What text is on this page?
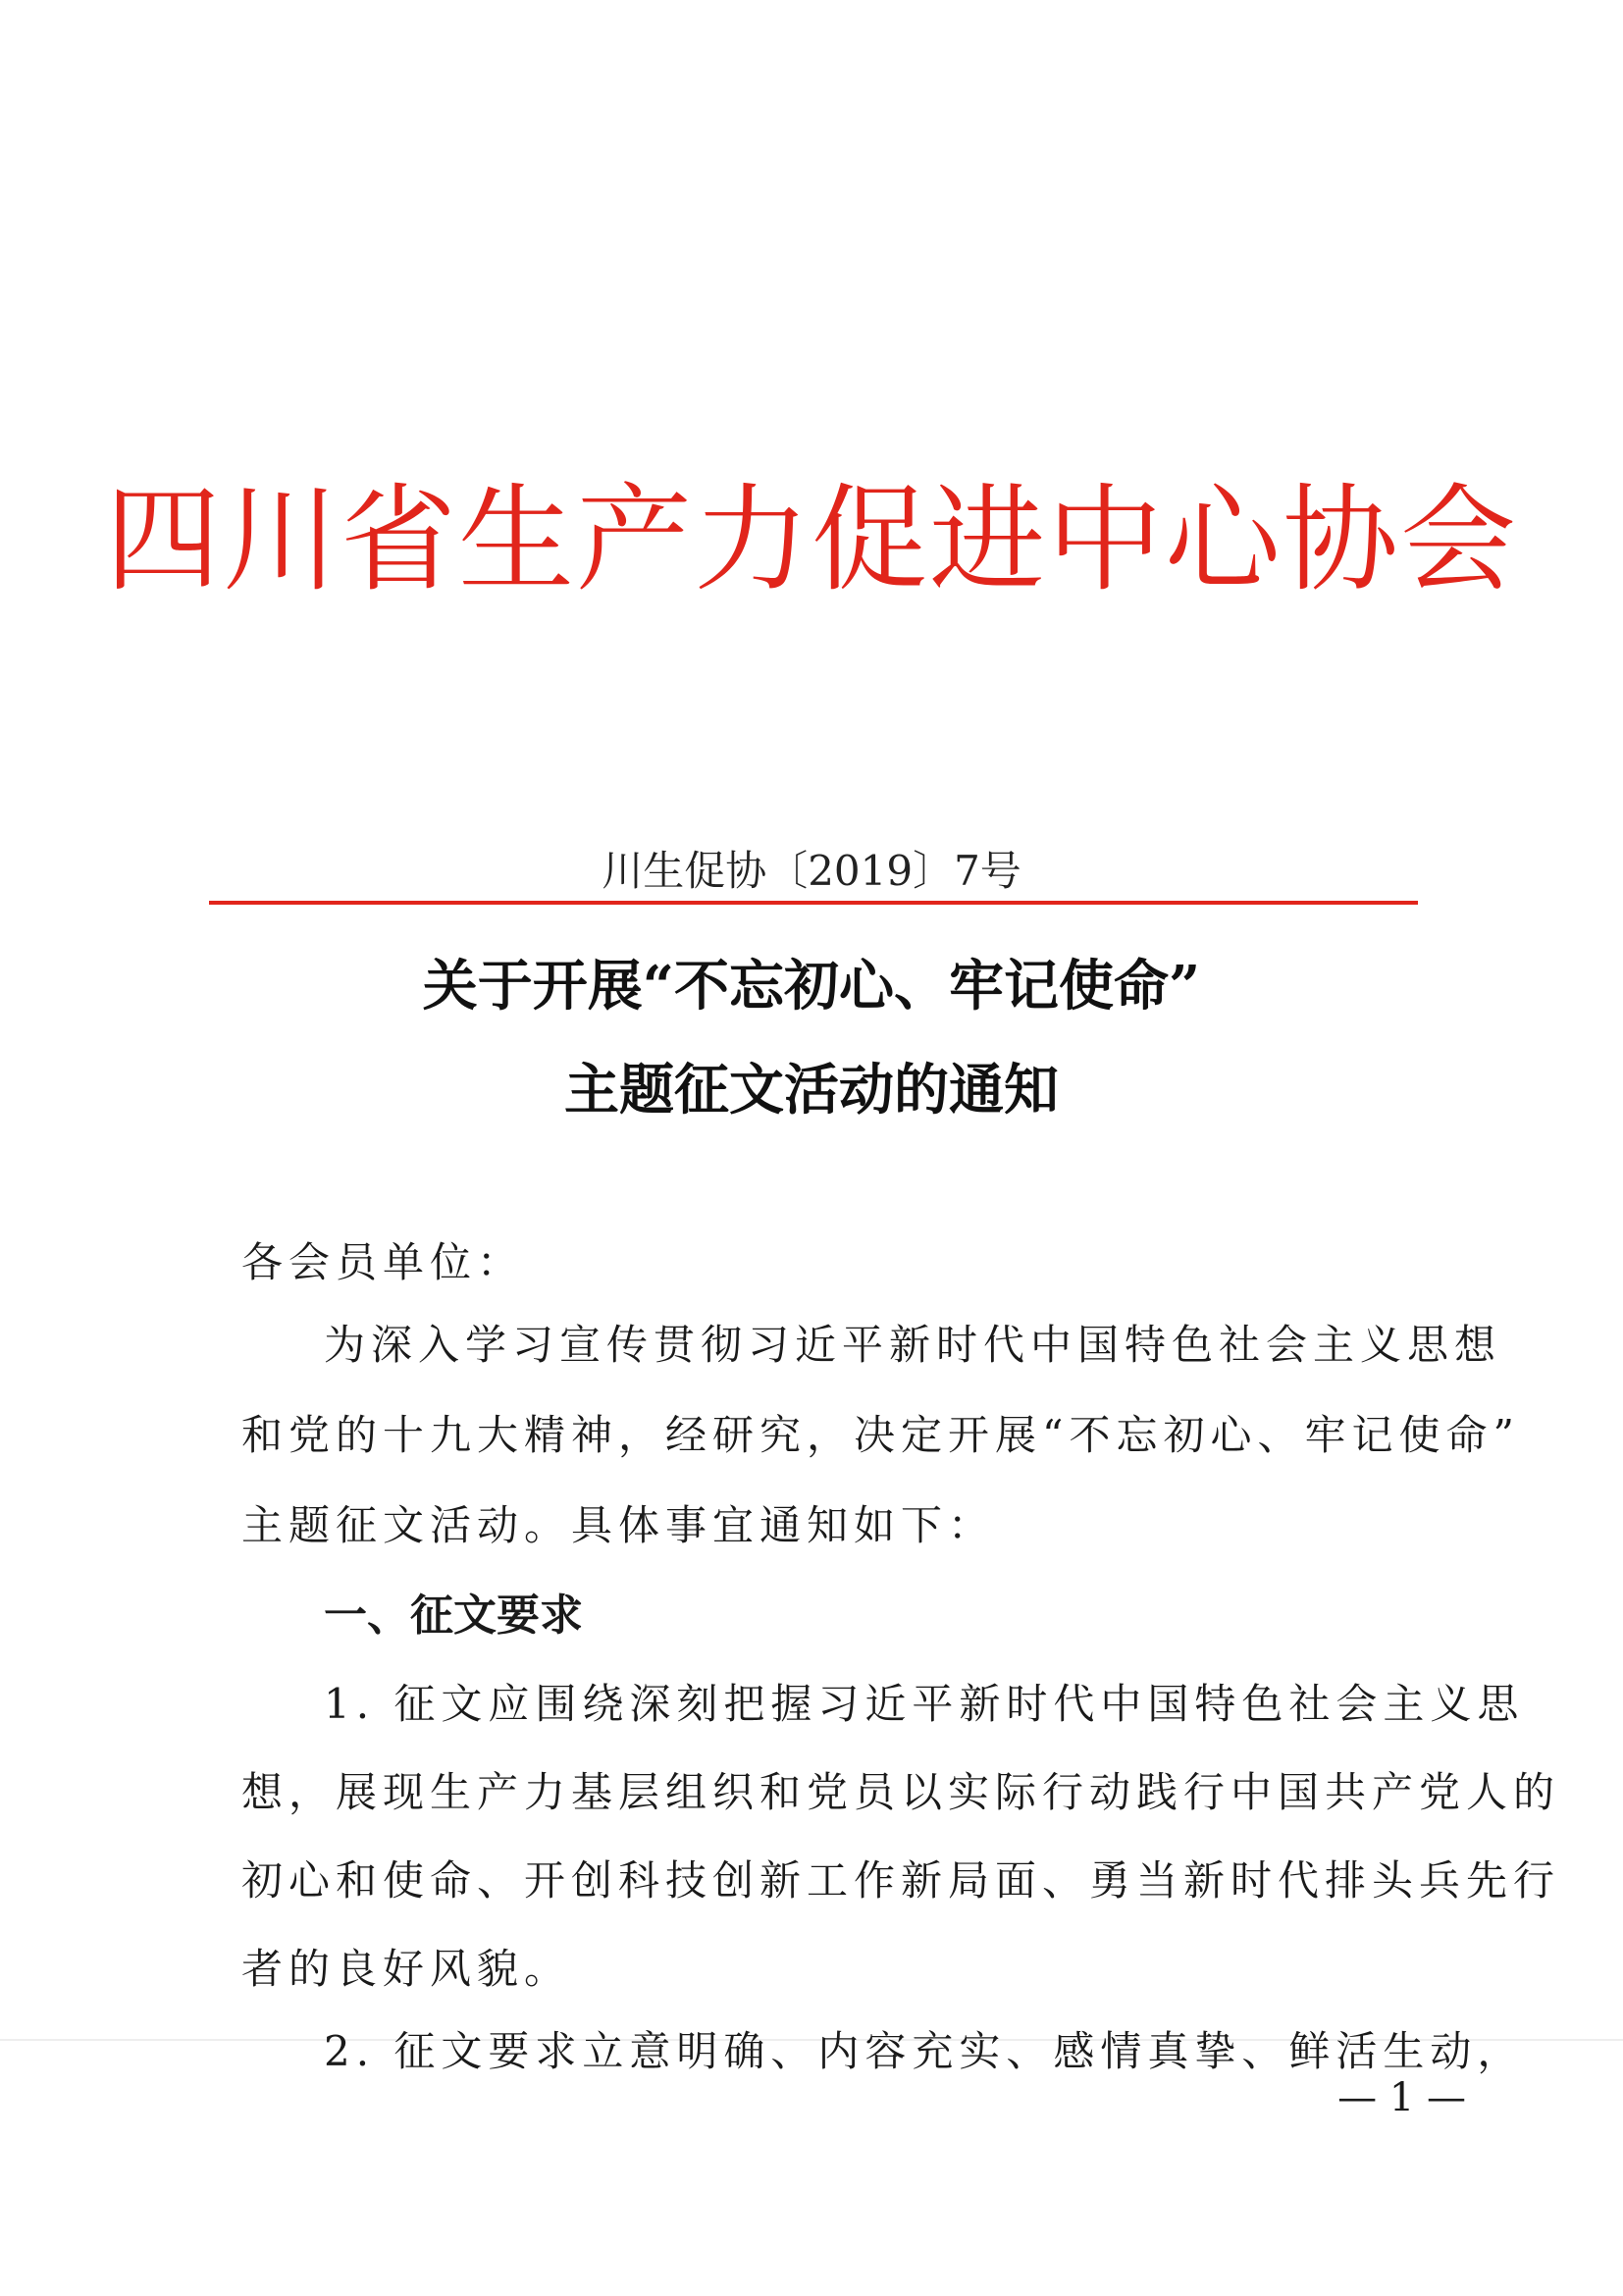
四川省生产力促进中心协会
川生促协〔2019〕7号
关于开展“不忘初心、牢记使命”
主题征文活动的通知
各会员单位：
为深入学习宣传贯彻习近平新时代中国特色社会主义思想
和党的十九大精神，经研究，决定开展“不忘初心、牢记使命”
主题征文活动。具体事宜通知如下：
一、征文要求
1. 征文应围绕深刻把握习近平新时代中国特色社会主义思
想，展现生产力基层组织和党员以实际行动践行中国共产党人的
初心和使命、开创科技创新工作新局面、勇当新时代排头兵先行
者的良好风貌。
2. 征文要求立意明确、内容充实、感情真挚、鲜活生动，
— 1 —
